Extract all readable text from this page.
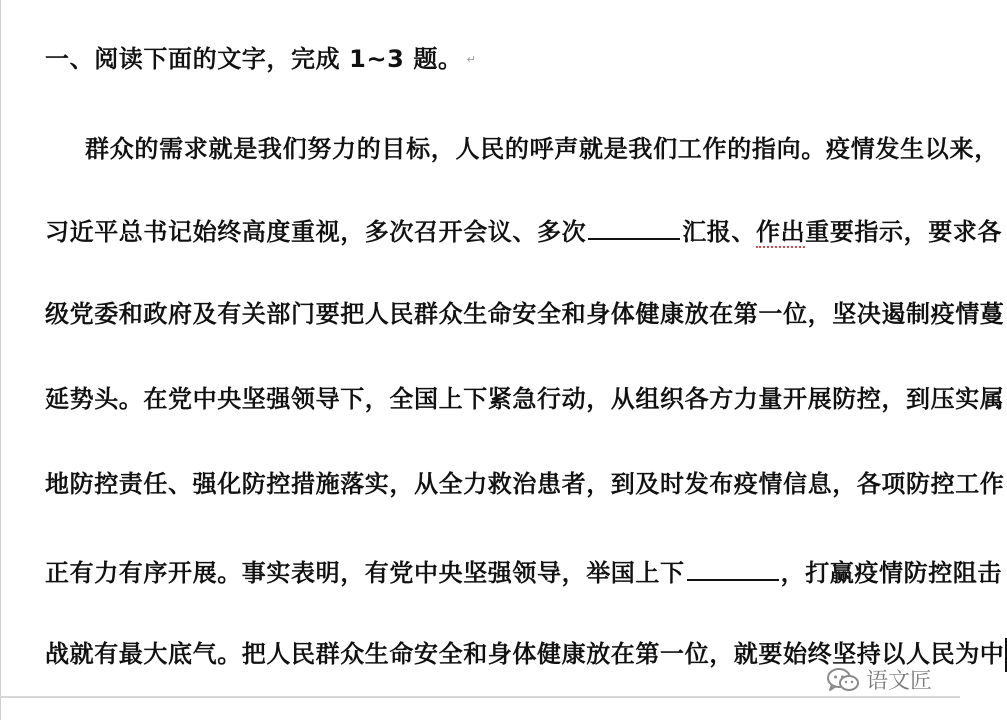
一、阅读下面的文字，完成 1~3 题。 ↵
群众的需求就是我们努力的目标，人民的呼声就是我们工作的指向。疫情发生以来，
习近平总书记始终高度重视，多次召开会议、多次	汇报、作出重要指示，要求各
级党委和政府及有关部门要把人民群众生命安全和身体健康放在第一位，坚决遏制疫情蔓
延势头。在党中央坚强领导下，全国上下紧急行动，从组织各方力量开展防控，到压实属
地防控责任、强化防控措施落实，从全力救治患者，到及时发布疫情信息，各项防控工作
正有力有序开展。事实表明，有党中央坚强领导，举国上下	，打赢疫情防控阻击
战就有最大底气。把人民群众生命安全和身体健康放在第一位，就要始终坚持以人民为中
语文匠
